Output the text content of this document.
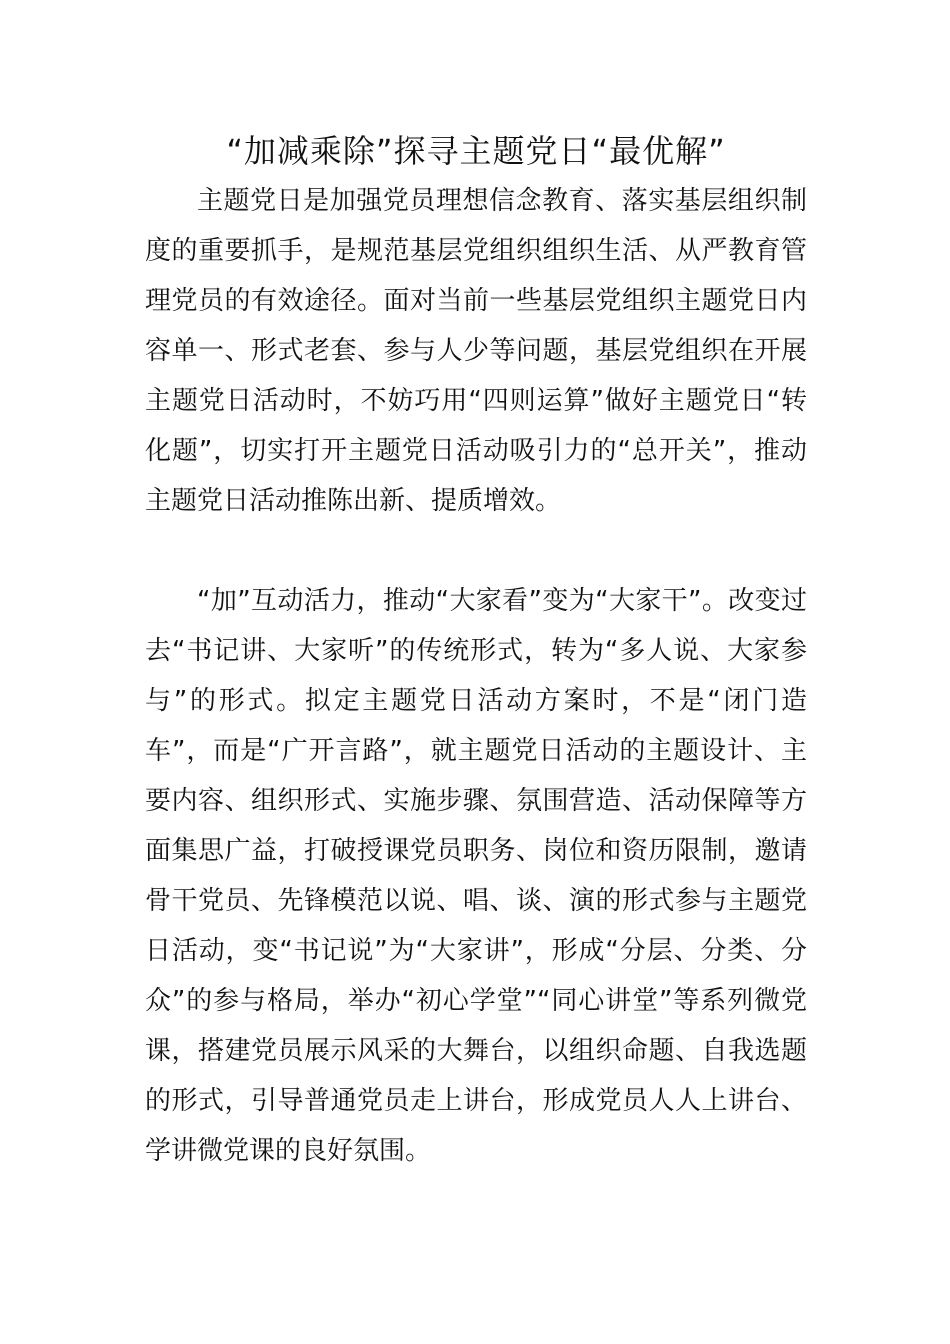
“加减乘除”探寻主题党日“最优解”

主题党日是加强党员理想信念教育、落实基层组织制度的重要抓手，是规范基层党组织组织生活、从严教育管理党员的有效途径。面对当前一些基层党组织主题党日内容单一、形式老套、参与人少等问题，基层党组织在开展主题党日活动时，不妨巧用“四则运算”做好主题党日“转化题”，切实打开主题党日活动吸引力的“总开关”，推动主题党日活动推陈出新、提质增效。

“加”互动活力，推动“大家看”变为“大家干”。改变过去“书记讲、大家听”的传统形式，转为“多人说、大家参与”的形式。拟定主题党日活动方案时，不是“闭门造车”，而是“广开言路”，就主题党日活动的主题设计、主要内容、组织形式、实施步骤、氛围营造、活动保障等方面集思广益，打破授课党员职务、岗位和资历限制，邀请骨干党员、先锋模范以说、唱、谈、演的形式参与主题党日活动，变“书记说”为“大家讲”，形成“分层、分类、分众”的参与格局，举办“初心学堂”“同心讲堂”等系列微党课，搭建党员展示风采的大舞台，以组织命题、自我选题的形式，引导普通党员走上讲台，形成党员人人上讲台、学讲微党课的良好氛围。
